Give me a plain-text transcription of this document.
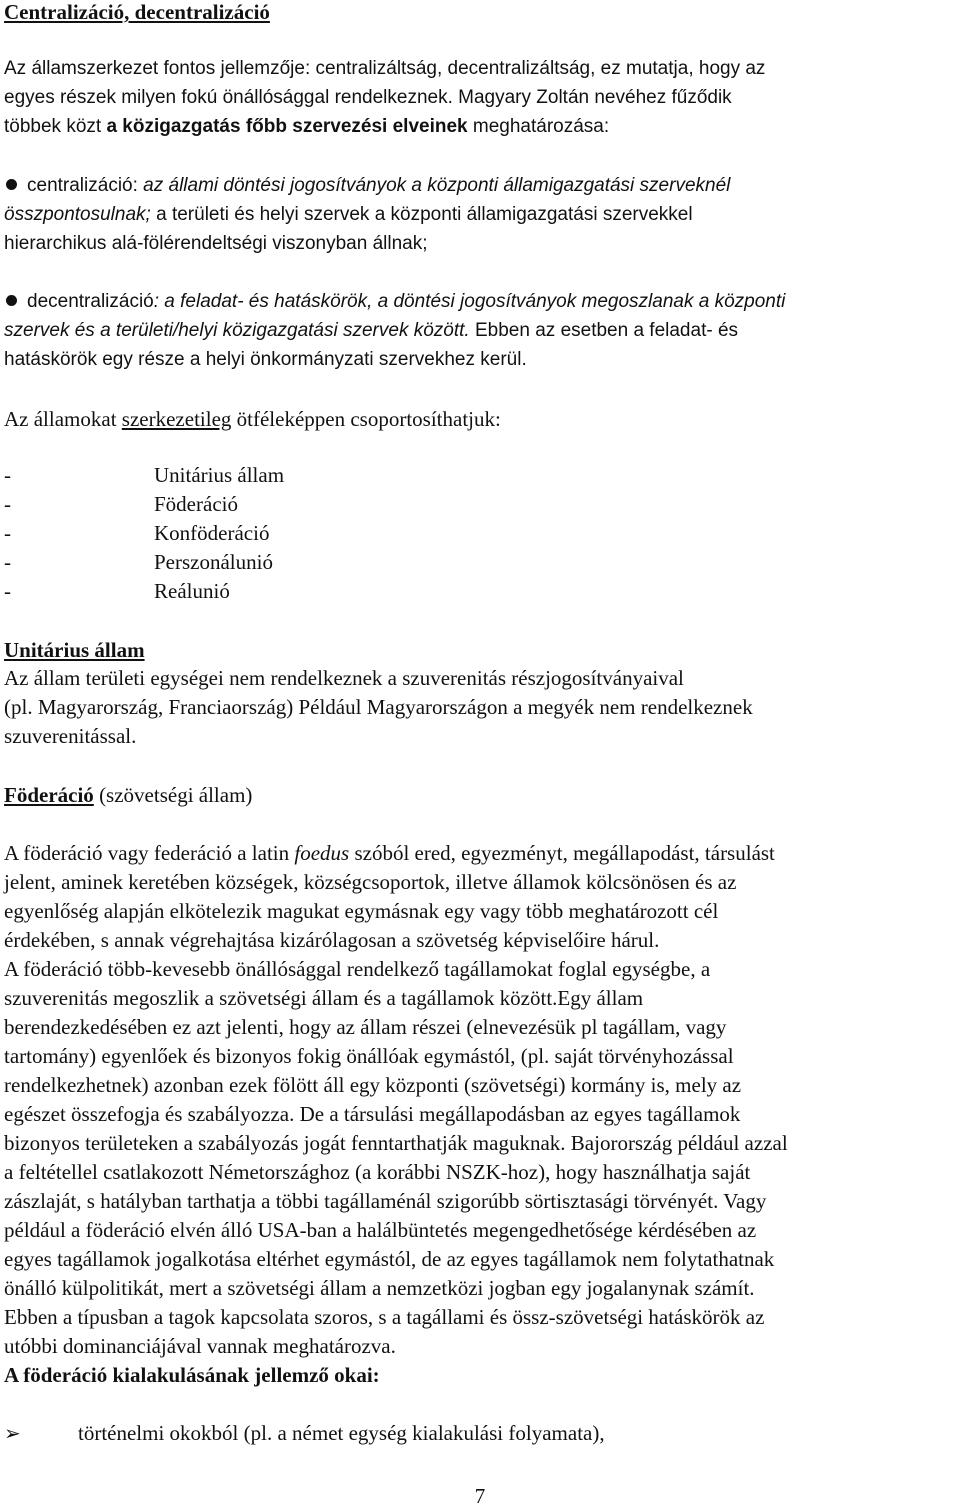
Centralizáció, decentralizáció
Az államszerkezet fontos jellemzője: centralizáltság, decentralizáltság, ez mutatja, hogy az
egyes részek milyen fokú önállósággal rendelkeznek. Magyary Zoltán nevéhez fűződik
többek közt a közigazgatás főbb szervezési elveinek meghatározása:
centralizáció: az állami döntési jogosítványok a központi államigazgatási szerveknél
összpontosulnak; a területi és helyi szervek a központi államigazgatási szervekkel
hierarchikus alá-fölérendeltségi viszonyban állnak;
decentralizáció: a feladat- és hatáskörök, a döntési jogosítványok megoszlanak a központi
szervek és a területi/helyi közigazgatási szervek között. Ebben az esetben a feladat- és
hatáskörök egy része a helyi önkormányzati szervekhez kerül.
Az államokat szerkezetileg ötféleképpen csoportosíthatjuk:
-	Unitárius állam
-	Föderáció
-	Konföderáció
-	Perszonálunió
-	Reálunió
Unitárius állam
Az állam területi egységei nem rendelkeznek a szuverenitás részjogosítványaival
(pl. Magyarország, Franciaország) Például Magyarországon a megyék nem rendelkeznek
szuverenitással.
Föderáció (szövetségi állam)
A föderáció vagy federáció a latin foedus szóból ered, egyezményt, megállapodást, társulást
jelent, aminek keretében községek, községcsoportok, illetve államok kölcsönösen és az
egyenlőség alapján elkötelezik magukat egymásnak egy vagy több meghatározott cél
érdekében, s annak végrehajtása kizárólagosan a szövetség képviselőire hárul.
A föderáció több-kevesebb önállósággal rendelkező tagállamokat foglal egységbe, a
szuverenitás megoszlik a szövetségi állam és a tagállamok között.Egy állam
berendezkedésében ez azt jelenti, hogy az állam részei (elnevezésük pl tagállam, vagy
tartomány) egyenlőek és bizonyos fokig önállóak egymástól, (pl. saját törvényhozással
rendelkezhetnek) azonban ezek fölött áll egy központi (szövetségi) kormány is, mely az
egészet összefogja és szabályozza. De a társulási megállapodásban az egyes tagállamok
bizonyos területeken a szabályozás jogát fenntarthatják maguknak. Bajorország például azzal
a feltétellel csatlakozott Németországhoz (a korábbi NSZK-hoz), hogy használhatja saját
zászlaját, s hatályban tarthatja a többi tagállaménál szigorúbb sörtisztasági törvényét. Vagy
például a föderáció elvén álló USA-ban a halálbüntetés megengedhetősége kérdésében az
egyes tagállamok jogalkotása eltérhet egymástól, de az egyes tagállamok nem folytathatnak
önálló külpolitikát, mert a szövetségi állam a nemzetközi jogban egy jogalanynak számít.
Ebben a típusban a tagok kapcsolata szoros, s a tagállami és össz-szövetségi hatáskörök az
utóbbi dominanciájával vannak meghatározva.
A föderáció kialakulásának jellemző okai:
➢	történelmi okokból (pl. a német egység kialakulási folyamata),
7
